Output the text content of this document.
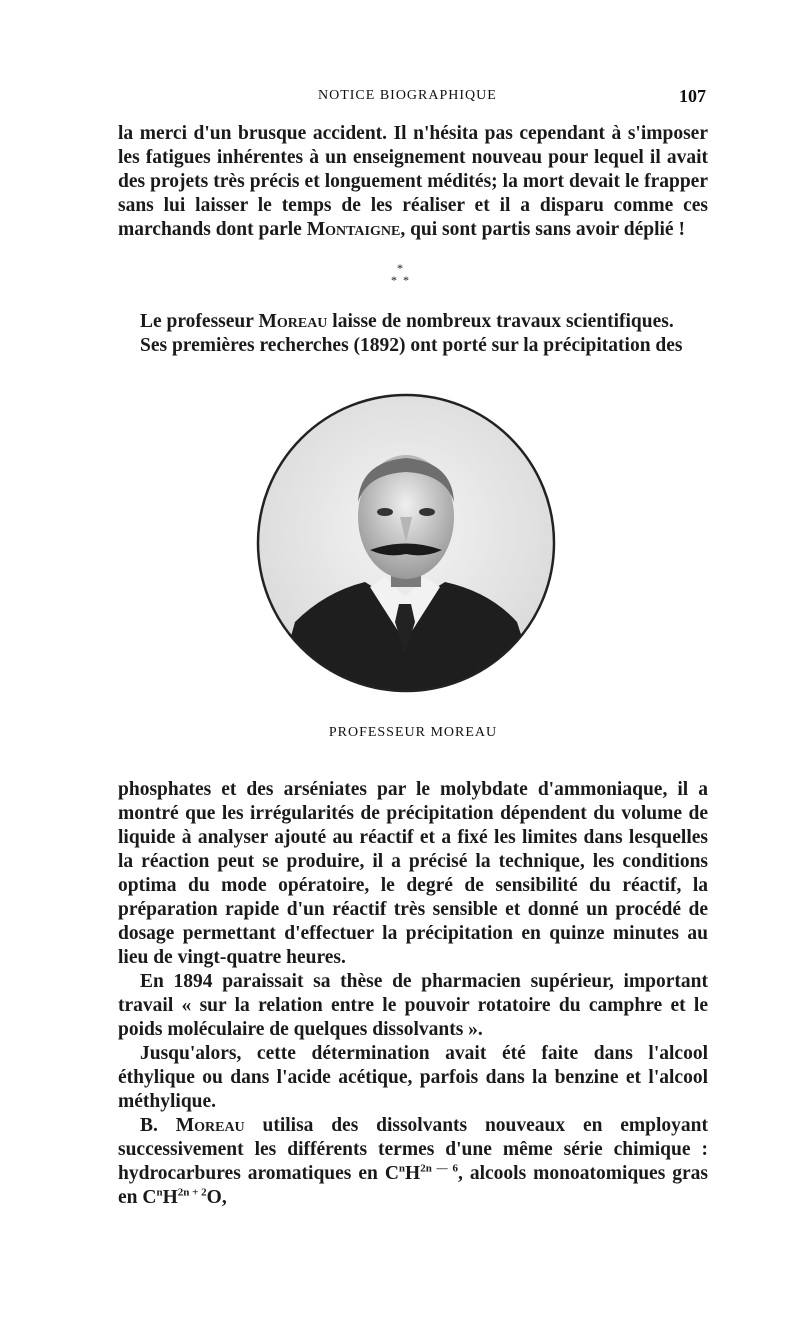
NOTICE BIOGRAPHIQUE	107

la merci d'un brusque accident. Il n'hésita pas cependant à s'imposer les fatigues inhérentes à un enseignement nouveau pour lequel il avait des projets très précis et longuement médités; la mort devait le frapper sans lui laisser le temps de les réaliser et il a disparu comme ces marchands dont parle Montaigne, qui sont partis sans avoir déplié !

*
*  *

Le professeur Moreau laisse de nombreux travaux scientifiques.

Ses premières recherches (1892) ont porté sur la précipitation des

PROFESSEUR MOREAU

phosphates et des arséniates par le molybdate d'ammoniaque, il a montré que les irrégularités de précipitation dépendent du volume de liquide à analyser ajouté au réactif et a fixé les limites dans lesquelles la réaction peut se produire, il a précisé la technique, les conditions optima du mode opératoire, le degré de sensibilité du réactif, la préparation rapide d'un réactif très sensible et donné un procédé de dosage permettant d'effectuer la précipitation en quinze minutes au lieu de vingt-quatre heures.

En 1894 paraissait sa thèse de pharmacien supérieur, important travail « sur la relation entre le pouvoir rotatoire du camphre et le poids moléculaire de quelques dissolvants ».

Jusqu'alors, cette détermination avait été faite dans l'alcool éthylique ou dans l'acide acétique, parfois dans la benzine et l'alcool méthylique.

B. Moreau utilisa des dissolvants nouveaux en employant successivement les différents termes d'une même série chimique : hydrocarbures aromatiques en $C^nH^{2n — 6}$, alcools monoatomiques gras en $C^nH^{2n + 2}O$,
